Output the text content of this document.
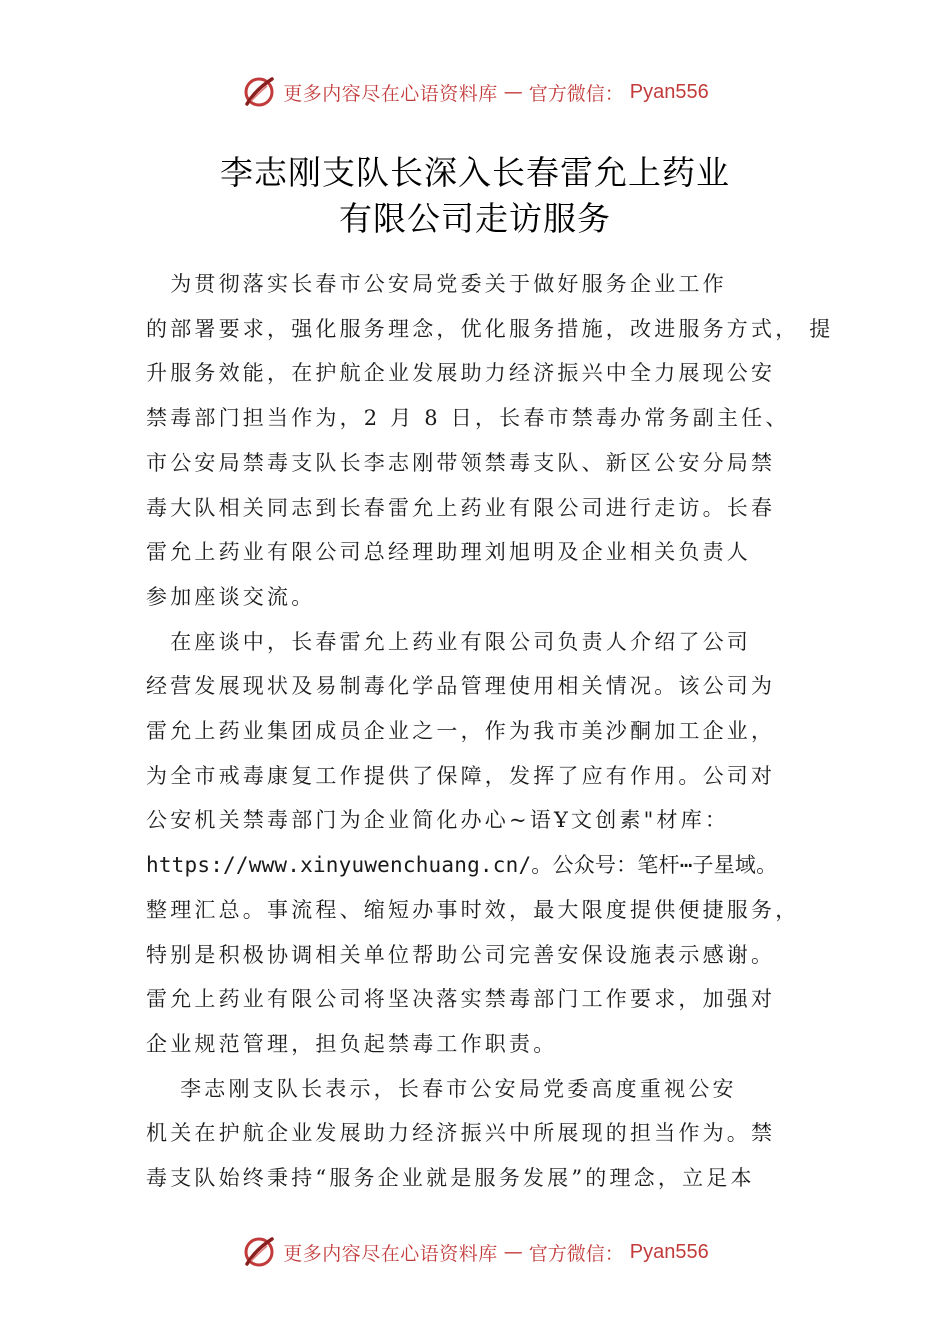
更多内容尽在心语资料库 — 官方微信： Pyan556
李志刚支队长深入长春雷允上药业
有限公司走访服务

　为贯彻落实长春市公安局党委关于做好服务企业工作
的部署要求，强化服务理念，优化服务措施，改进服务方式， 提
升服务效能，在护航企业发展助力经济振兴中全力展现公安
禁毒部门担当作为，2 月 8 日，长春市禁毒办常务副主任、
市公安局禁毒支队长李志刚带领禁毒支队、新区公安分局禁
毒大队相关同志到长春雷允上药业有限公司进行走访。长春
雷允上药业有限公司总经理助理刘旭明及企业相关负责人
参加座谈交流。

　在座谈中，长春雷允上药业有限公司负责人介绍了公司
经营发展现状及易制毒化学品管理使用相关情况。该公司为
雷允上药业集团成员企业之一，作为我市美沙酮加工企业，
为全市戒毒康复工作提供了保障，发挥了应有作用。公司对
公安机关禁毒部门为企业简化办心~语Ұ文创素"材库：
https://www.xinyuwenchuang.cn/。公众号：笔杆⋯子星域。
整理汇总。事流程、缩短办事时效，最大限度提供便捷服务，
特别是积极协调相关单位帮助公司完善安保设施表示感谢。
雷允上药业有限公司将坚决落实禁毒部门工作要求，加强对
企业规范管理，担负起禁毒工作职责。

　 李志刚支队长表示，长春市公安局党委高度重视公安
机关在护航企业发展助力经济振兴中所展现的担当作为。禁
毒支队始终秉持“服务企业就是服务发展”的理念，立足本

更多内容尽在心语资料库 — 官方微信： Pyan556
